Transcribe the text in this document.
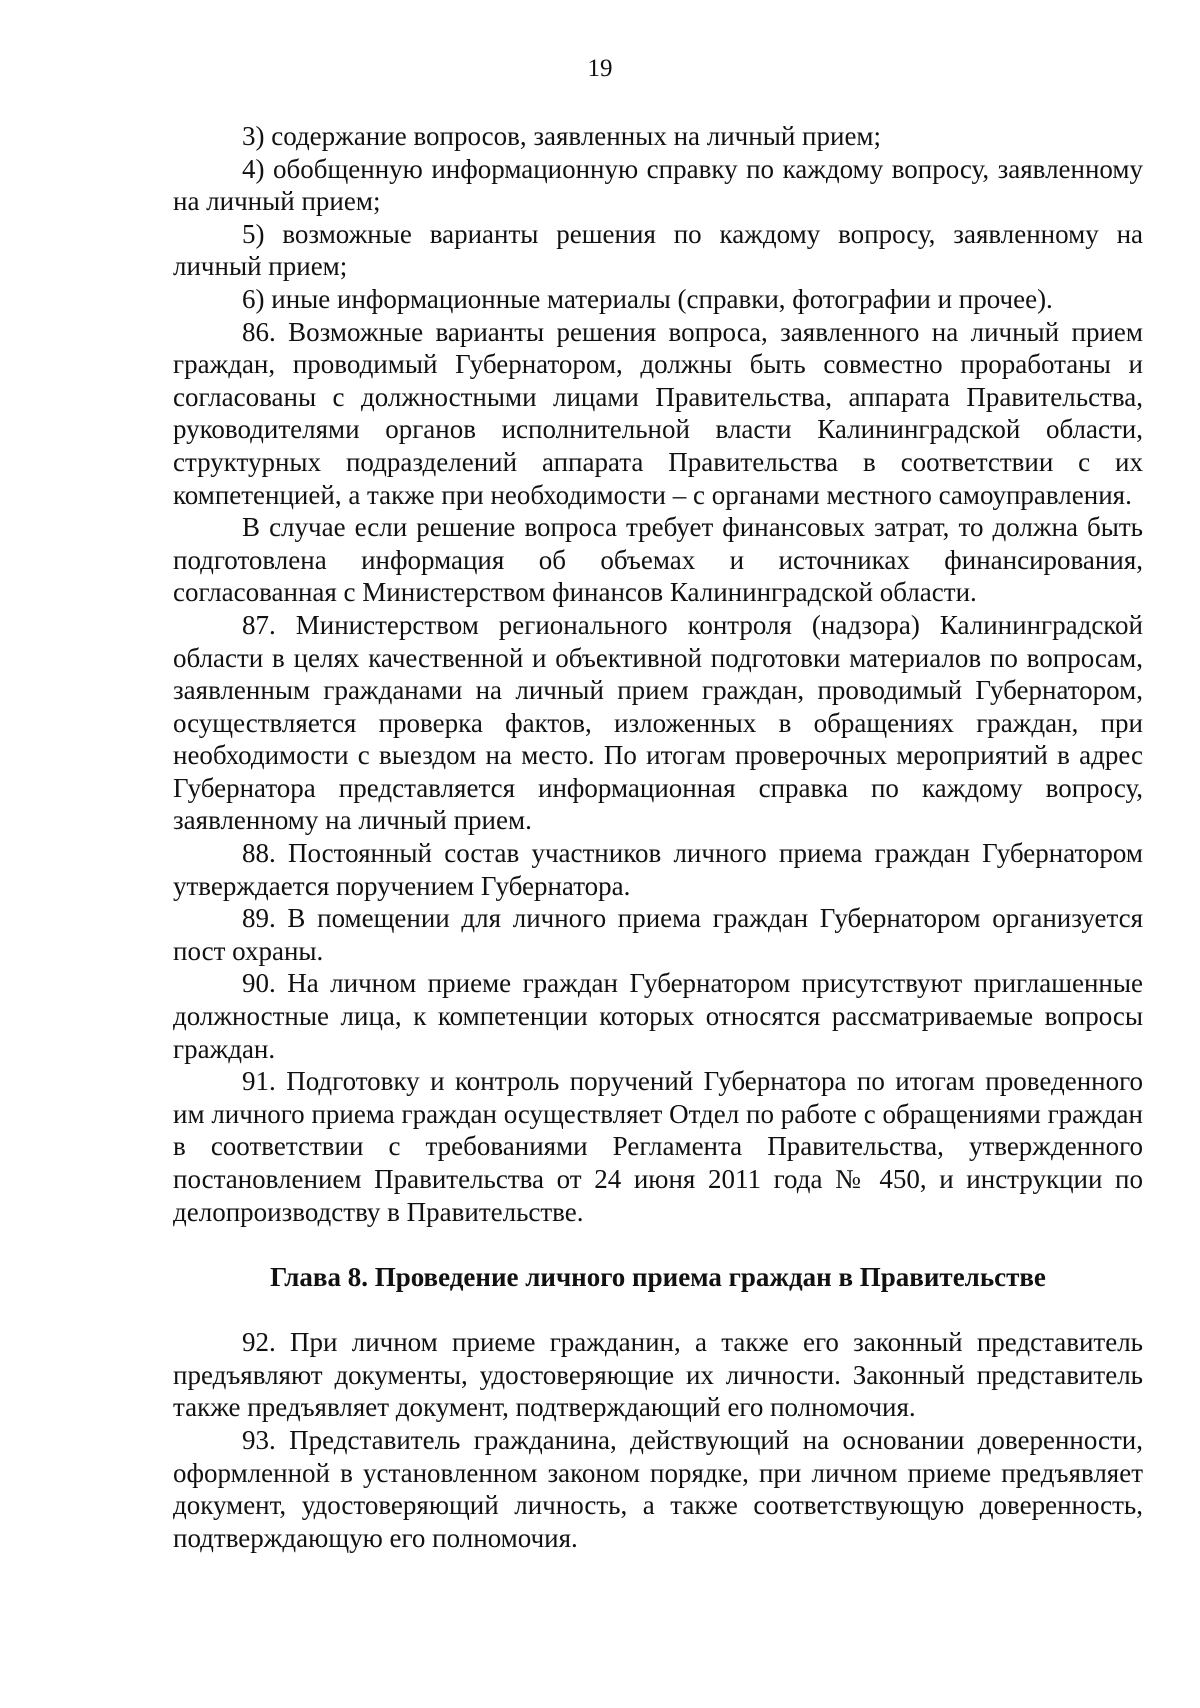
19

3) содержание вопросов, заявленных на личный прием;

4) обобщенную информационную справку по каждому вопросу, заявленному на личный прием;

5) возможные варианты решения по каждому вопросу, заявленному на личный прием;

6) иные информационные материалы (справки, фотографии и прочее).

86. Возможные варианты решения вопроса, заявленного на личный прием граждан, проводимый Губернатором, должны быть совместно проработаны и согласованы с должностными лицами Правительства, аппарата Правительства, руководителями органов исполнительной власти Калининградской области, структурных подразделений аппарата Правительства в соответствии с их компетенцией, а также при необходимости – с органами местного самоуправления.

В случае если решение вопроса требует финансовых затрат, то должна быть подготовлена информация об объемах и источниках финансирования, согласованная с Министерством финансов Калининградской области.

87. Министерством регионального контроля (надзора) Калининградской области в целях качественной и объективной подготовки материалов по вопросам, заявленным гражданами на личный прием граждан, проводимый Губернатором, осуществляется проверка фактов, изложенных в обращениях граждан, при необходимости с выездом на место. По итогам проверочных мероприятий в адрес Губернатора представляется информационная справка по каждому вопросу, заявленному на личный прием.

88. Постоянный состав участников личного приема граждан Губернатором утверждается поручением Губернатора.

89. В помещении для личного приема граждан Губернатором организуется пост охраны.

90. На личном приеме граждан Губернатором присутствуют приглашенные должностные лица, к компетенции которых относятся рассматриваемые вопросы граждан.

91. Подготовку и контроль поручений Губернатора по итогам проведенного им личного приема граждан осуществляет Отдел по работе с обращениями граждан в соответствии с требованиями Регламента Правительства, утвержденного постановлением Правительства от 24 июня 2011 года № 450, и инструкции по делопроизводству в Правительстве.

Глава 8. Проведение личного приема граждан в Правительстве

92. При личном приеме гражданин, а также его законный представитель предъявляют документы, удостоверяющие их личности. Законный представитель также предъявляет документ, подтверждающий его полномочия.

93. Представитель гражданина, действующий на основании доверенности, оформленной в установленном законом порядке, при личном приеме предъявляет документ, удостоверяющий личность, а также соответствующую доверенность, подтверждающую его полномочия.
